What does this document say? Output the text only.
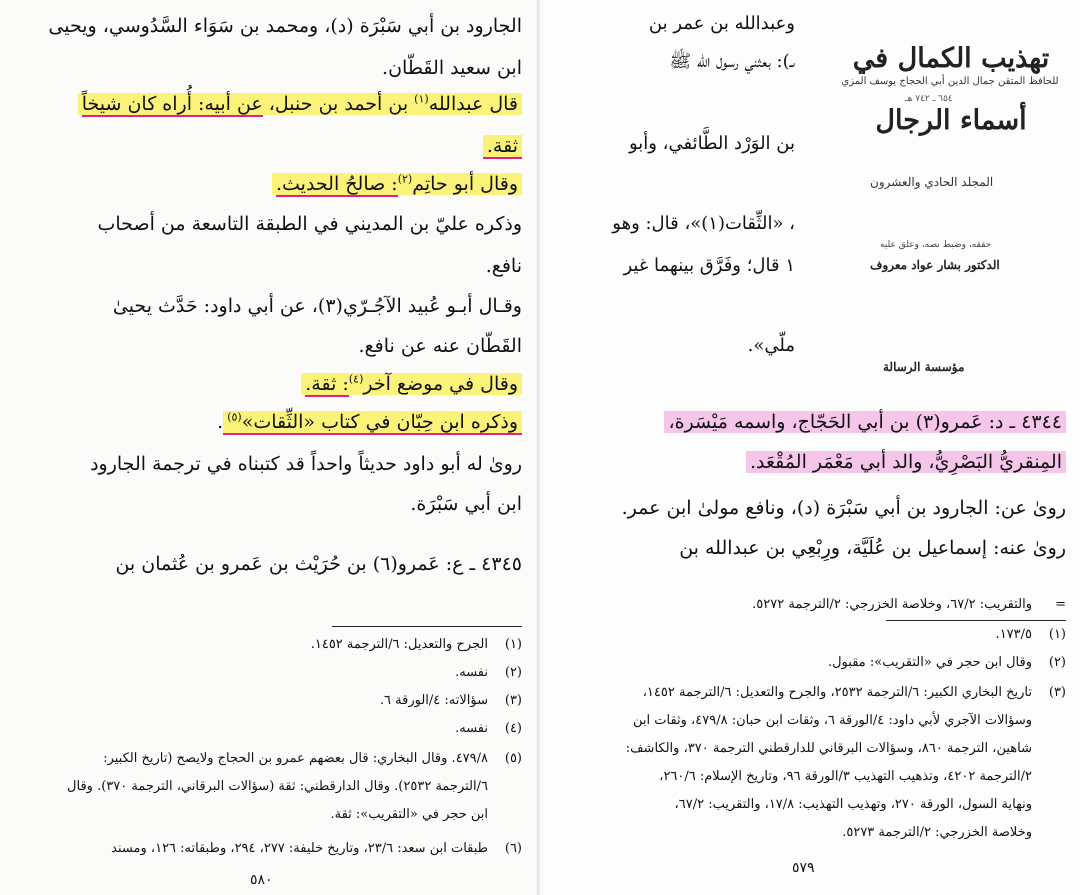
الجارود بن أبي سَبْرَة (د)، ومحمد بن سَوَاء السَّدُوسي، ويحيى
ابن سعيد القَطّان.
قال عبدالله$^{(١)}$ بن أحمد بن حنبل، عن أبيه: أُراه كان شيخاً
ثقة.
وقال أبو حاتِم$^{(٢)}$: صالحُ الحديث.
وذكره عليّ بن المديني في الطبقة التاسعة من أصحاب
نافع.
وقـال أبـو عُبيد الآجُـرّي(٣)، عن أبي داود: حَدَّث يحيىٰ
القَطّان عنه عن نافع.
وقال في موضع آخر$^{(٤)}$: ثقة.
وذكره ابن حِبّان في كتاب «الثِّقات»$^{(٥)}$.
روىٰ له أبو داود حديثاً واحداً قد كتبناه في ترجمة الجارود
ابن أبي سَبْرَة.
٤٣٤٥ ـ ع: عَمرو(٦) بن حُرَيْث بن عَمرو بن عُثمان بن
(١)الجرح والتعديل: ٦/الترجمة ١٤٥٢.
(٢)نفسه.
(٣)سؤالاته: ٤/الورقة ٦.
(٤)نفسه.
(٥)٤٧٩/٨. وقال البخاري: قال بعضهم عمرو بن الحجاج ولايصح (تاريخ الكبير:
٦/الترجمة ٢٥٣٢). وقال الدارقطني: ثقة (سؤالات البرقاني، الترجمة ٣٧٠). وقال
ابن حجر في «التقريب»: ثقة.
(٦)طبقات ابن سعد: ٢٣/٦، وتاريخ خليفة: ٢٧٧، ٢٩٤، وطبقاته: ١٢٦، ومسند
٥٨٠
وعبدالله بن عمر بن
ىـ): بعثني رسول الله ﷺ
بن الوَرْد الطَّائفي، وأبو
، «الثِّقات(١)»، قال: وهو
١ قال؛ وفَرَّق بينهما غير
ملّي».
تهذيب الكمال في أسماء الرجال
للحافظ المتقن جمال الدين أبي الحجاج يوسف المزي
٦٥٤ ـ ٧٤٢ هـ
المجلد الحادي والعشرون
حققه، وضبط نصه، وعلق عليه
الدكتور بشار عواد معروف
مؤسسة الرسالة
٤٣٤٤ ـ د: عَمرو(٣) بن أبي الحَجّاج، واسمه مَيْسَرة،
المِنقريُّ البَصْرِيُّ، والد أبي مَعْمَر المُقْعَد.
روىٰ عن: الجارود بن أبي سَبْرَة (د)، ونافع مولىٰ ابن عمر.
روىٰ عنه: إسماعيل بن عُلَيَّة، ورِبْعِي بن عبدالله بن
=والتقريب: ٦٧/٢، وخلاصة الخزرجي: ٢/الترجمة ٥٢٧٢.
(١)١٧٣/٥.
(٢)وقال ابن حجر في «التقريب»: مقبول.
(٣)تاريخ البخاري الكبير: ٦/الترجمة ٢٥٣٢، والجرح والتعديل: ٦/الترجمة ١٤٥٢،
وسؤالات الآجري لأبي داود: ٤/الورقة ٦، وثقات ابن حبان: ٤٧٩/٨، وثقات ابن
شاهين، الترجمة ٨٦٠، وسؤالات البرقاني للدارقطني الترجمة ٣٧٠، والكاشف:
٢/الترجمة ٤٢٠٢، وتذهيب التهذيب ٣/الورقة ٩٦، وتاريخ الإسلام: ٢٦٠/٦،
ونهاية السول، الورقة ٢٧٠، وتهذيب التهذيب: ١٧/٨، والتقريب: ٦٧/٢،
وخلاصة الخزرجي: ٢/الترجمة ٥٢٧٣.
٥٧٩
